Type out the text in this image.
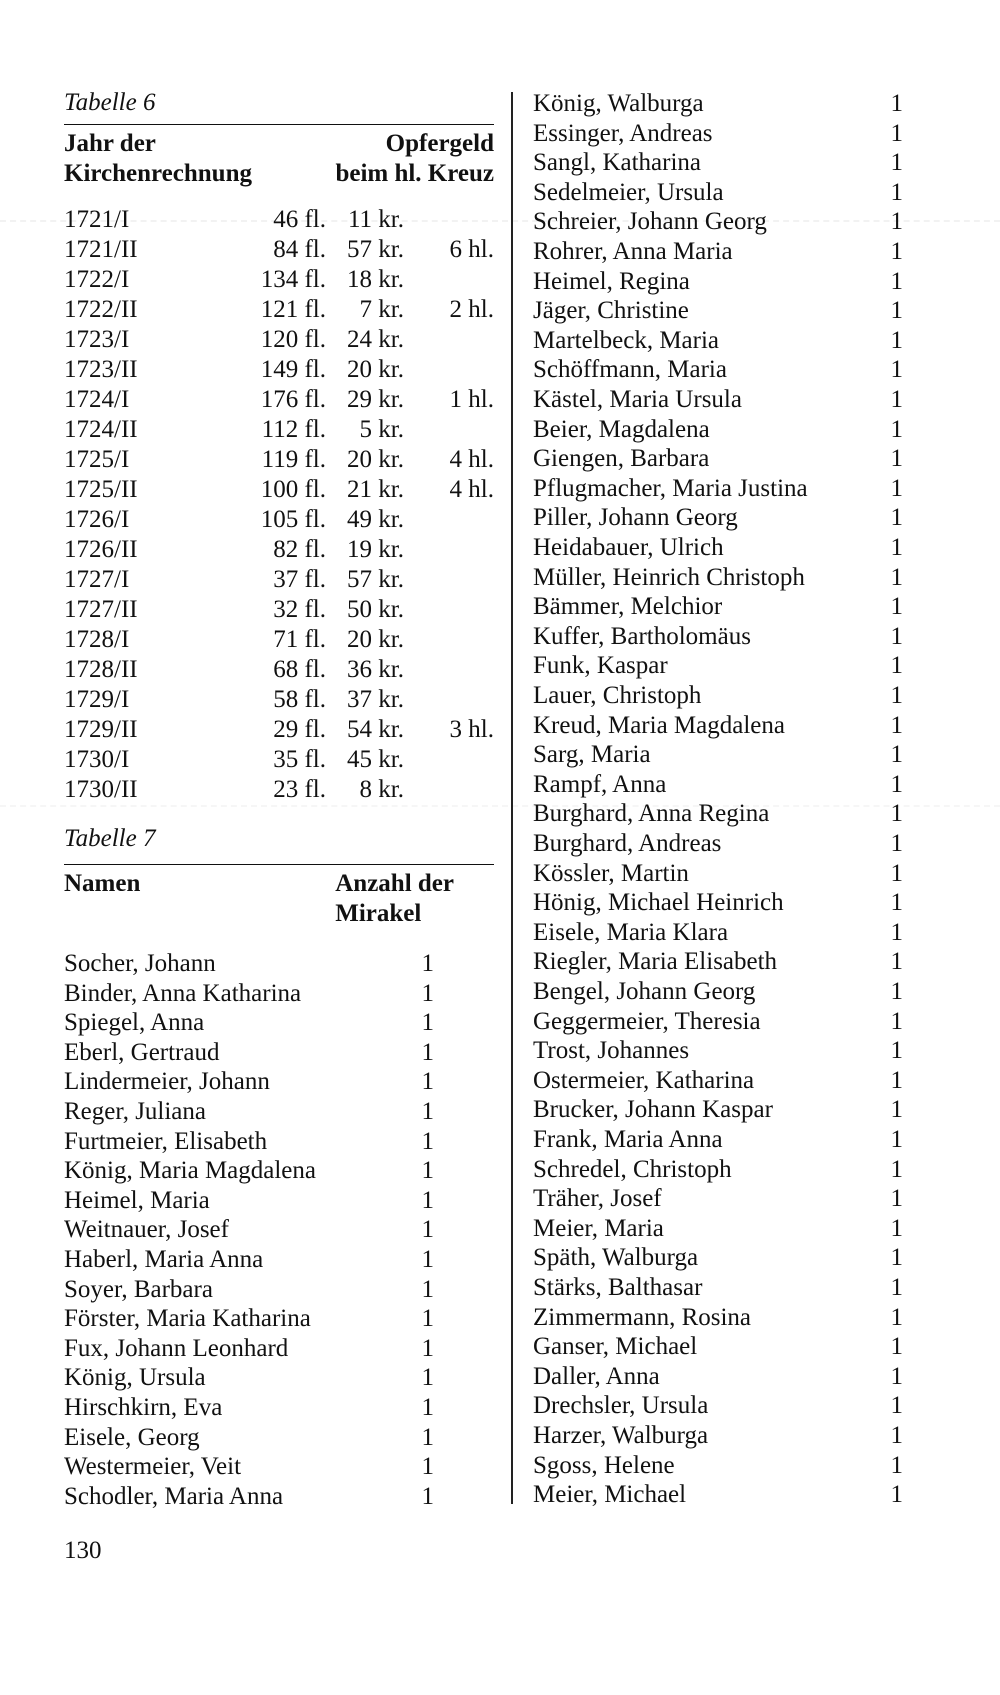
Tabelle 6
Jahr der
Kirchenrechnung
Opfergeld
beim hl. Kreuz
1721/I	46 fl. 11 kr.
1721/II	84 fl. 57 kr. 6 hl.
1722/I	134 fl. 18 kr.
1722/II	121 fl. 7 kr. 2 hl.
1723/I	120 fl. 24 kr.
1723/II	149 fl. 20 kr.
1724/I	176 fl. 29 kr. 1 hl.
1724/II	112 fl. 5 kr.
1725/I	119 fl. 20 kr. 4 hl.
1725/II	100 fl. 21 kr. 4 hl.
1726/I	105 fl. 49 kr.
1726/II	82 fl. 19 kr.
1727/I	37 fl. 57 kr.
1727/II	32 fl. 50 kr.
1728/I	71 fl. 20 kr.
1728/II	68 fl. 36 kr.
1729/I	58 fl. 37 kr.
1729/II	29 fl. 54 kr. 3 hl.
1730/I	35 fl. 45 kr.
1730/II	23 fl. 8 kr.
Tabelle 7
Namen	Anzahl der
Mirakel
Socher, Johann	1
Binder, Anna Katharina	1
Spiegel, Anna	1
Eberl, Gertraud	1
Lindermeier, Johann	1
Reger, Juliana	1
Furtmeier, Elisabeth	1
König, Maria Magdalena	1
Heimel, Maria	1
Weitnauer, Josef	1
Haberl, Maria Anna	1
Soyer, Barbara	1
Förster, Maria Katharina	1
Fux, Johann Leonhard	1
König, Ursula	1
Hirschkirn, Eva	1
Eisele, Georg	1
Westermeier, Veit	1
Schodler, Maria Anna	1
König, Walburga	1
Essinger, Andreas	1
Sangl, Katharina	1
Sedelmeier, Ursula	1
Schreier, Johann Georg	1
Rohrer, Anna Maria	1
Heimel, Regina	1
Jäger, Christine	1
Martelbeck, Maria	1
Schöffmann, Maria	1
Kästel, Maria Ursula	1
Beier, Magdalena	1
Giengen, Barbara	1
Pflugmacher, Maria Justina	1
Piller, Johann Georg	1
Heidabauer, Ulrich	1
Müller, Heinrich Christoph	1
Bämmer, Melchior	1
Kuffer, Bartholomäus	1
Funk, Kaspar	1
Lauer, Christoph	1
Kreud, Maria Magdalena	1
Sarg, Maria	1
Rampf, Anna	1
Burghard, Anna Regina	1
Burghard, Andreas	1
Kössler, Martin	1
Hönig, Michael Heinrich	1
Eisele, Maria Klara	1
Riegler, Maria Elisabeth	1
Bengel, Johann Georg	1
Geggermeier, Theresia	1
Trost, Johannes	1
Ostermeier, Katharina	1
Brucker, Johann Kaspar	1
Frank, Maria Anna	1
Schredel, Christoph	1
Träher, Josef	1
Meier, Maria	1
Späth, Walburga	1
Stärks, Balthasar	1
Zimmermann, Rosina	1
Ganser, Michael	1
Daller, Anna	1
Drechsler, Ursula	1
Harzer, Walburga	1
Sgoss, Helene	1
Meier, Michael	1
130
